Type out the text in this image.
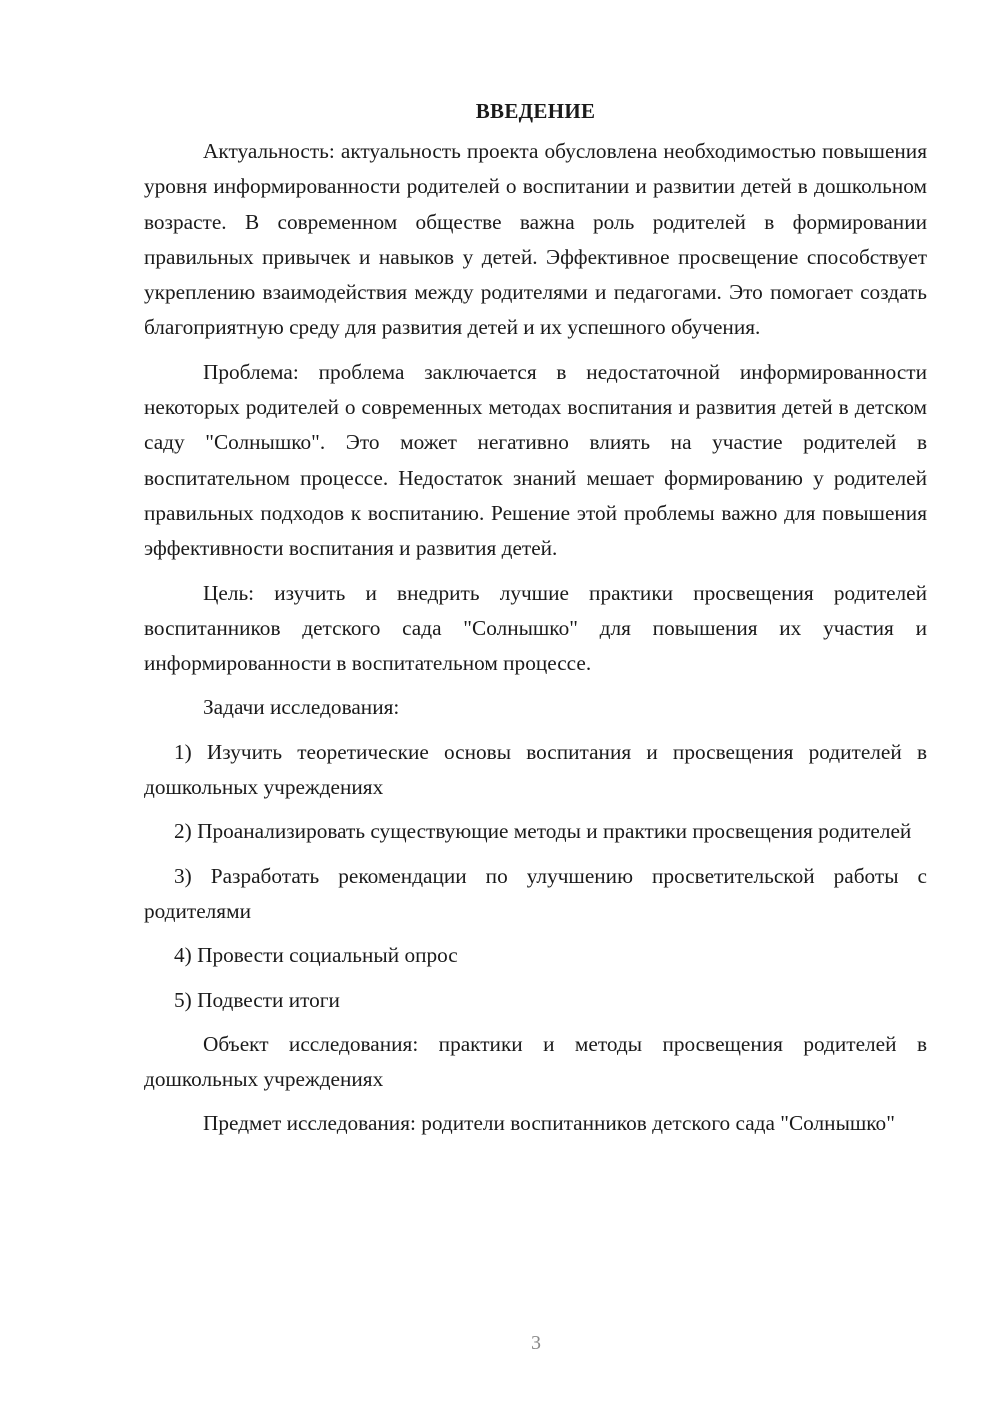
ВВЕДЕНИЕ

Актуальность: актуальность проекта обусловлена необходимостью повышения уровня информированности родителей о воспитании и развитии детей в дошкольном возрасте. В современном обществе важна роль родителей в формировании правильных привычек и навыков у детей. Эффективное просвещение способствует укреплению взаимодействия между родителями и педагогами. Это помогает создать благоприятную среду для развития детей и их успешного обучения.

Проблема: проблема заключается в недостаточной информированности некоторых родителей о современных методах воспитания и развития детей в детском саду "Солнышко". Это может негативно влиять на участие родителей в воспитательном процессе. Недостаток знаний мешает формированию у родителей правильных подходов к воспитанию. Решение этой проблемы важно для повышения эффективности воспитания и развития детей.

Цель: изучить и внедрить лучшие практики просвещения родителей воспитанников детского сада "Солнышко" для повышения их участия и информированности в воспитательном процессе.

Задачи исследования:

1) Изучить теоретические основы воспитания и просвещения родителей в дошкольных учреждениях

2) Проанализировать существующие методы и практики просвещения родителей

3) Разработать рекомендации по улучшению просветительской работы с родителями

4) Провести социальный опрос

5) Подвести итоги

Объект исследования: практики и методы просвещения родителей в дошкольных учреждениях

Предмет исследования: родители воспитанников детского сада "Солнышко"

3
